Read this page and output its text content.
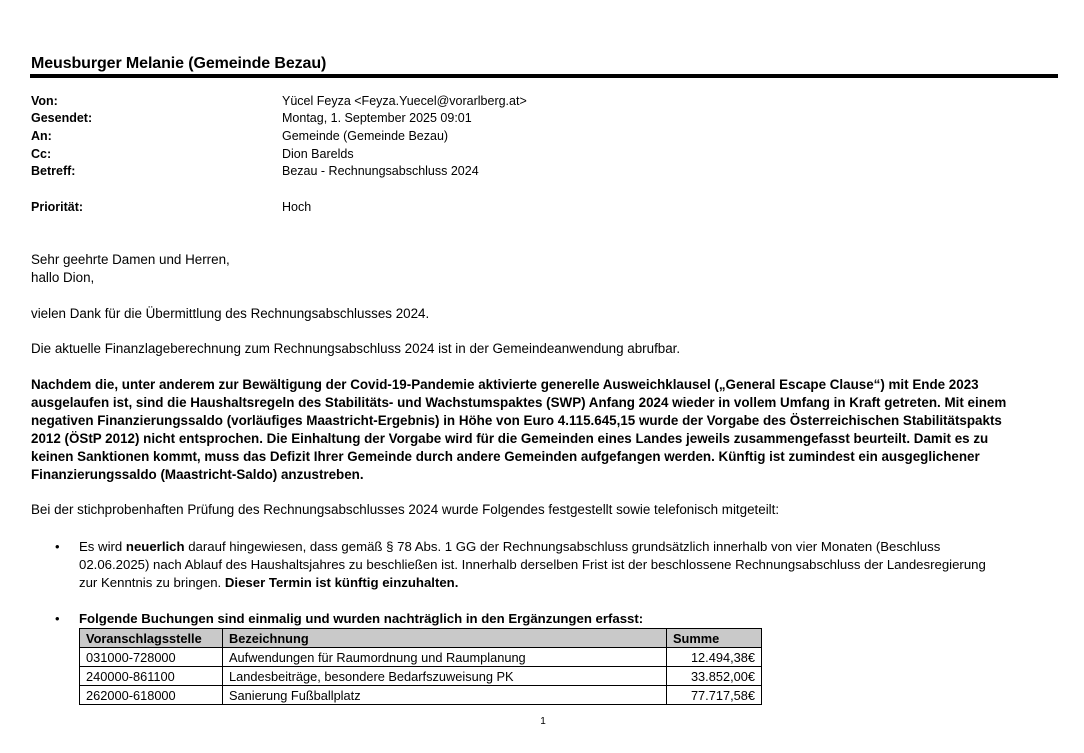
Meusburger Melanie (Gemeinde Bezau)
Von:	Yücel Feyza <Feyza.Yuecel@vorarlberg.at>
Gesendet:	Montag, 1. September 2025 09:01
An:	Gemeinde (Gemeinde Bezau)
Cc:	Dion Barelds
Betreff:	Bezau - Rechnungsabschluss 2024
Priorität:	Hoch
Sehr geehrte Damen und Herren,
hallo Dion,
vielen Dank für die Übermittlung des Rechnungsabschlusses 2024.
Die aktuelle Finanzlageberechnung zum Rechnungsabschluss 2024 ist in der Gemeindeanwendung abrufbar.
Nachdem die, unter anderem zur Bewältigung der Covid-19-Pandemie aktivierte generelle Ausweichklausel („General Escape Clause“) mit Ende 2023
ausgelaufen ist, sind die Haushaltsregeln des Stabilitäts- und Wachstumspaktes (SWP) Anfang 2024 wieder in vollem Umfang in Kraft getreten. Mit einem
negativen Finanzierungssaldo (vorläufiges Maastricht-Ergebnis) in Höhe von Euro 4.115.645,15 wurde der Vorgabe des Österreichischen Stabilitätspakts
2012 (ÖStP 2012) nicht entsprochen. Die Einhaltung der Vorgabe wird für die Gemeinden eines Landes jeweils zusammengefasst beurteilt. Damit es zu
keinen Sanktionen kommt, muss das Defizit Ihrer Gemeinde durch andere Gemeinden aufgefangen werden. Künftig ist zumindest ein ausgeglichener
Finanzierungssaldo (Maastricht-Saldo) anzustreben.
Bei der stichprobenhaften Prüfung des Rechnungsabschlusses 2024 wurde Folgendes festgestellt sowie telefonisch mitgeteilt:
• Es wird neuerlich darauf hingewiesen, dass gemäß § 78 Abs. 1 GG der Rechnungsabschluss grundsätzlich innerhalb von vier Monaten (Beschluss
02.06.2025) nach Ablauf des Haushaltsjahres zu beschließen ist. Innerhalb derselben Frist ist der beschlossene Rechnungsabschluss der Landesregierung
zur Kenntnis zu bringen. Dieser Termin ist künftig einzuhalten.
• Folgende Buchungen sind einmalig und wurden nachträglich in den Ergänzungen erfasst:
Voranschlagsstelle	Bezeichnung	Summe
031000-728000	Aufwendungen für Raumordnung und Raumplanung	12.494,38€
240000-861100	Landesbeiträge, besondere Bedarfszuweisung PK	33.852,00€
262000-618000	Sanierung Fußballplatz	77.717,58€
1
